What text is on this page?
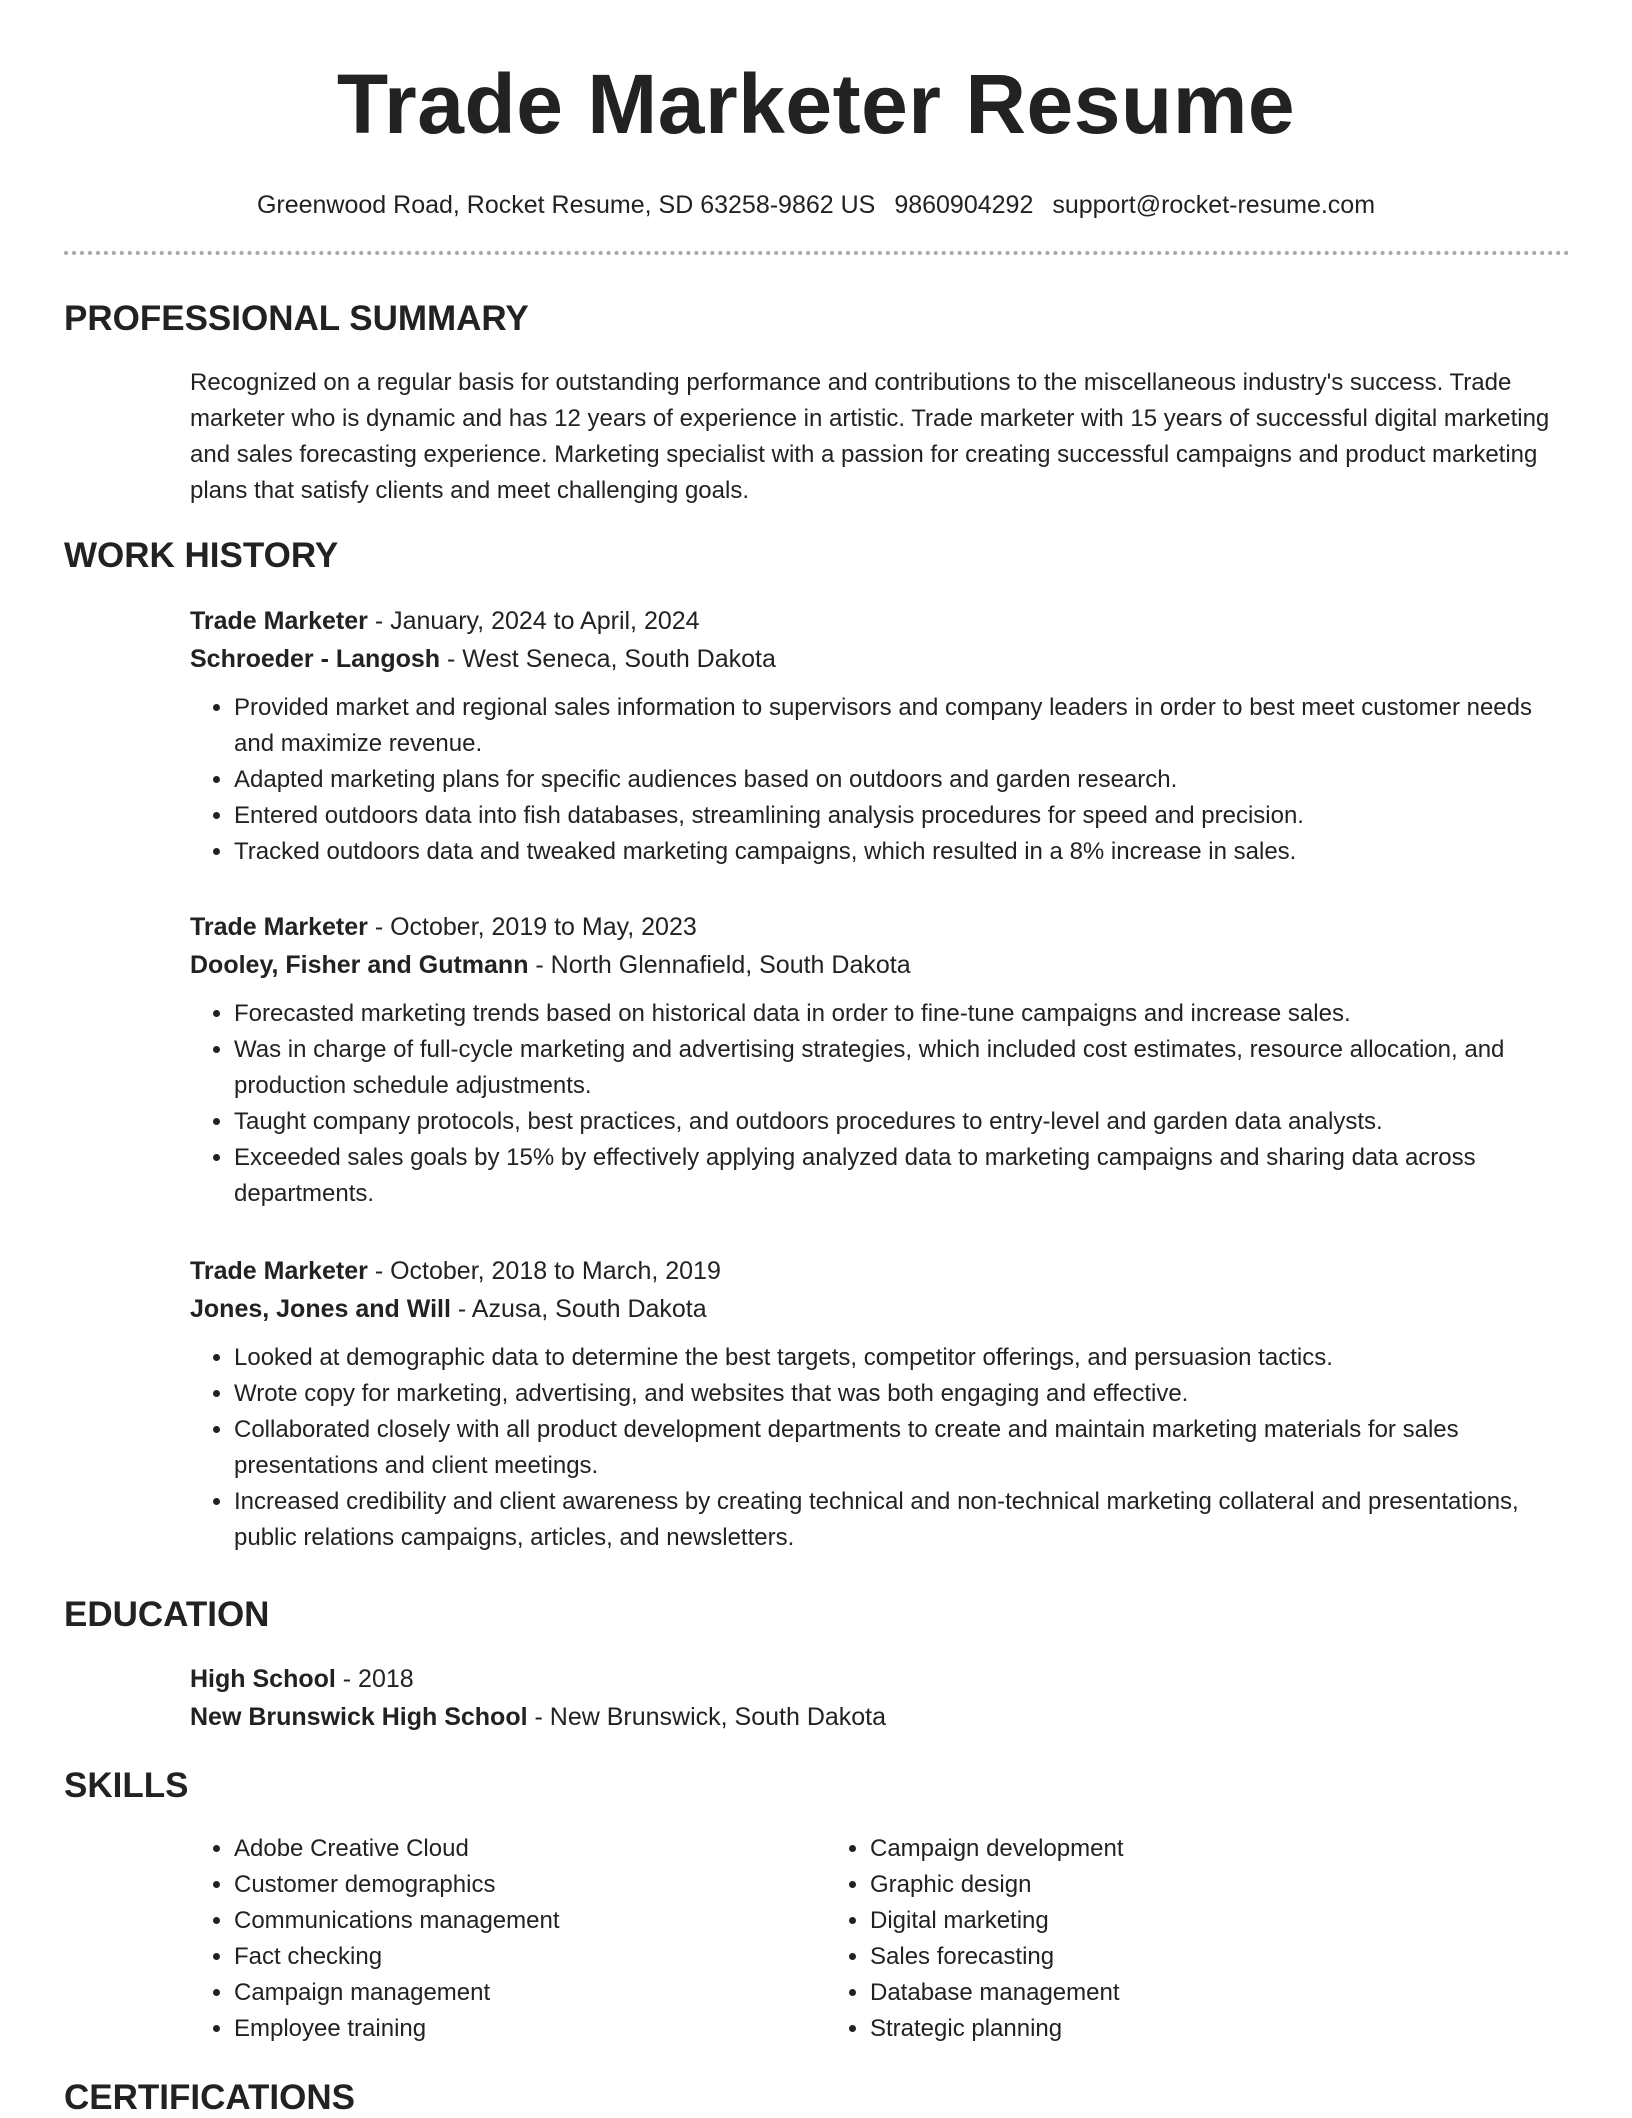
Trade Marketer Resume
Greenwood Road, Rocket Resume, SD 63258-9862 US 9860904292 support@rocket-resume.com
PROFESSIONAL SUMMARY

Recognized on a regular basis for outstanding performance and contributions to the miscellaneous industry's success. Trade marketer who is dynamic and has 12 years of experience in artistic. Trade marketer with 15 years of successful digital marketing and sales forecasting experience. Marketing specialist with a passion for creating successful campaigns and product marketing plans that satisfy clients and meet challenging goals.

WORK HISTORY
Trade Marketer - January, 2024 to April, 2024
Schroeder - Langosh - West Seneca, South Dakota
• Provided market and regional sales information to supervisors and company leaders in order to best meet customer needs and maximize revenue.
• Adapted marketing plans for specific audiences based on outdoors and garden research.
• Entered outdoors data into fish databases, streamlining analysis procedures for speed and precision.
• Tracked outdoors data and tweaked marketing campaigns, which resulted in a 8% increase in sales.
Trade Marketer - October, 2019 to May, 2023
Dooley, Fisher and Gutmann - North Glennafield, South Dakota
• Forecasted marketing trends based on historical data in order to fine-tune campaigns and increase sales.
• Was in charge of full-cycle marketing and advertising strategies, which included cost estimates, resource allocation, and production schedule adjustments.
• Taught company protocols, best practices, and outdoors procedures to entry-level and garden data analysts.
• Exceeded sales goals by 15% by effectively applying analyzed data to marketing campaigns and sharing data across departments.
Trade Marketer - October, 2018 to March, 2019
Jones, Jones and Will - Azusa, South Dakota
• Looked at demographic data to determine the best targets, competitor offerings, and persuasion tactics.
• Wrote copy for marketing, advertising, and websites that was both engaging and effective.
• Collaborated closely with all product development departments to create and maintain marketing materials for sales presentations and client meetings.
• Increased credibility and client awareness by creating technical and non-technical marketing collateral and presentations, public relations campaigns, articles, and newsletters.
EDUCATION
High School - 2018
New Brunswick High School - New Brunswick, South Dakota
SKILLS
• Adobe Creative Cloud
• Customer demographics
• Communications management
• Fact checking
• Campaign management
• Employee training
• Campaign development
• Graphic design
• Digital marketing
• Sales forecasting
• Database management
• Strategic planning
CERTIFICATIONS
